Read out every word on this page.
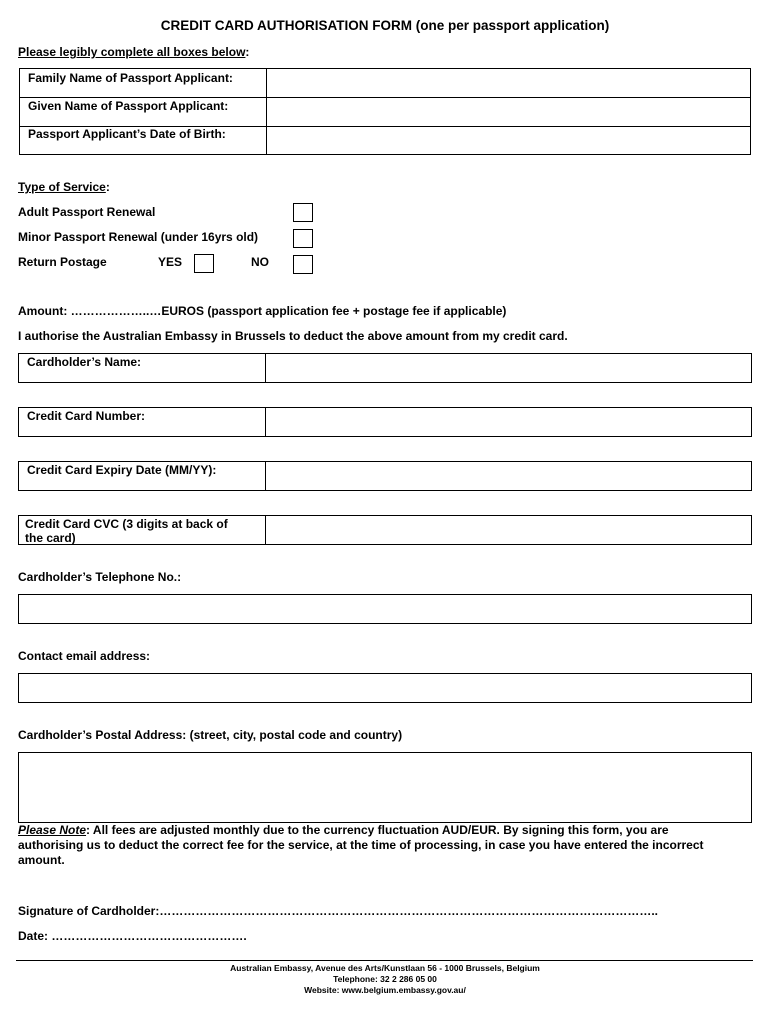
CREDIT CARD AUTHORISATION FORM (one per passport application)
Please legibly complete all boxes below:
Family Name of Passport Applicant:
Given Name of Passport Applicant:
Passport Applicant’s Date of Birth:
Type of Service:
Adult Passport Renewal
Minor Passport Renewal (under 16yrs old)
Return Postage	YES	NO
Amount: ………………..…EUROS (passport application fee + postage fee if applicable)
I authorise the Australian Embassy in Brussels to deduct the above amount from my credit card.
Cardholder’s Name:
Credit Card Number:
Credit Card Expiry Date (MM/YY):
Credit Card CVC (3 digits at back of
the card)
Cardholder’s Telephone No.:
Contact email address:
Cardholder’s Postal Address: (street, city, postal code and country)
Please Note: All fees are adjusted monthly due to the currency fluctuation AUD/EUR. By signing this form, you are authorising us to deduct the correct fee for the service, at the time of processing, in case you have entered the incorrect amount.
Signature of Cardholder:……………………………………………………………………………………………………………..
Date: ………………………………………….
Australian Embassy, Avenue des Arts/Kunstlaan 56 - 1000 Brussels, Belgium
Telephone: 32 2 286 05 00
Website: www.belgium.embassy.gov.au/
